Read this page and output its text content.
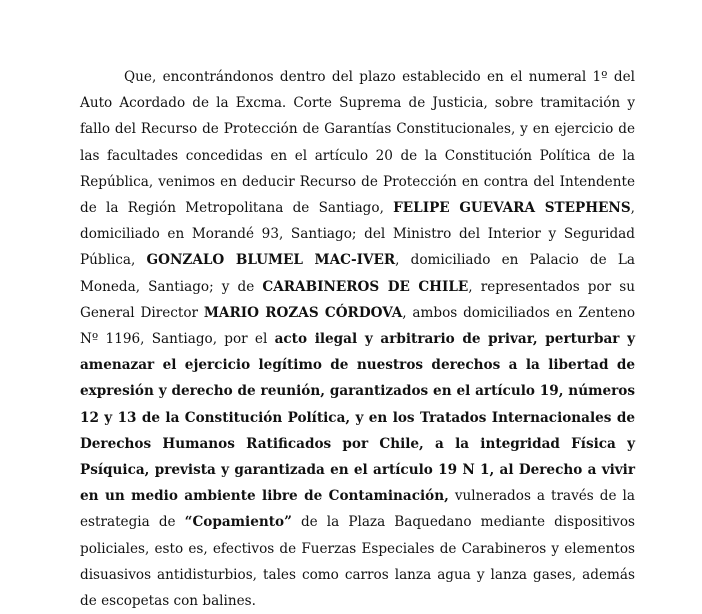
Que, encontrándonos dentro del plazo establecido en el numeral 1º del Auto Acordado de la Excma. Corte Suprema de Justicia, sobre tramitación y fallo del Recurso de Protección de Garantías Constitucionales, y en ejercicio de las facultades concedidas en el artículo 20 de la Constitución Política de la República, venimos en deducir Recurso de Protección en contra del Intendente de la Región Metropolitana de Santiago, FELIPE GUEVARA STEPHENS, domiciliado en Morandé 93, Santiago; del Ministro del Interior y Seguridad Pública, GONZALO BLUMEL MAC-IVER, domiciliado en Palacio de La Moneda, Santiago; y de CARABINEROS DE CHILE, representados por su General Director MARIO ROZAS CÓRDOVA, ambos domiciliados en Zenteno Nº 1196, Santiago, por el acto ilegal y arbitrario de privar, perturbar y amenazar el ejercicio legítimo de nuestros derechos a la libertad de expresión y derecho de reunión, garantizados en el artículo 19, números 12 y 13 de la Constitución Política, y en los Tratados Internacionales de Derechos Humanos Ratificados por Chile, a la integridad Física y Psíquica, prevista y garantizada en el artículo 19 N 1, al Derecho a vivir en un medio ambiente libre de Contaminación, vulnerados a través de la estrategia de “Copamiento” de la Plaza Baquedano mediante dispositivos policiales, esto es, efectivos de Fuerzas Especiales de Carabineros y elementos disuasivos antidisturbios, tales como carros lanza agua y lanza gases, además de escopetas con balines.
